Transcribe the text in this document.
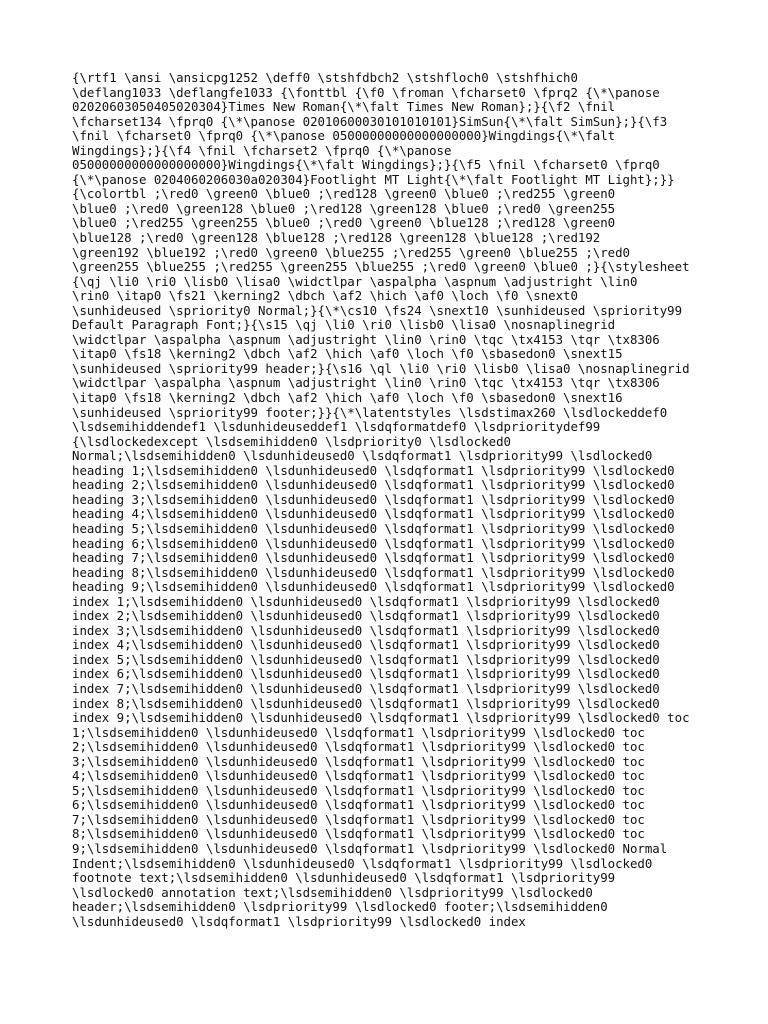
{\rtf1 \ansi \ansicpg1252 \deff0 \stshfdbch2 \stshfloch0 \stshfhich0
\deflang1033 \deflangfe1033 {\fonttbl {\f0 \froman \fcharset0 \fprq2 {\*\panose
02020603050405020304}Times New Roman{\*\falt Times New Roman};}{\f2 \fnil
\fcharset134 \fprq0 {\*\panose 02010600030101010101}SimSun{\*\falt SimSun};}{\f3
\fnil \fcharset0 \fprq0 {\*\panose 05000000000000000000}Wingdings{\*\falt
Wingdings};}{\f4 \fnil \fcharset2 \fprq0 {\*\panose
05000000000000000000}Wingdings{\*\falt Wingdings};}{\f5 \fnil \fcharset0 \fprq0
{\*\panose 0204060206030a020304}Footlight MT Light{\*\falt Footlight MT Light};}}
{\colortbl ;\red0 \green0 \blue0 ;\red128 \green0 \blue0 ;\red255 \green0
\blue0 ;\red0 \green128 \blue0 ;\red128 \green128 \blue0 ;\red0 \green255
\blue0 ;\red255 \green255 \blue0 ;\red0 \green0 \blue128 ;\red128 \green0
\blue128 ;\red0 \green128 \blue128 ;\red128 \green128 \blue128 ;\red192
\green192 \blue192 ;\red0 \green0 \blue255 ;\red255 \green0 \blue255 ;\red0
\green255 \blue255 ;\red255 \green255 \blue255 ;\red0 \green0 \blue0 ;}{\stylesheet
{\qj \li0 \ri0 \lisb0 \lisa0 \widctlpar \aspalpha \aspnum \adjustright \lin0
\rin0 \itap0 \fs21 \kerning2 \dbch \af2 \hich \af0 \loch \f0 \snext0
\sunhideused \spriority0 Normal;}{\*\cs10 \fs24 \snext10 \sunhideused \spriority99
Default Paragraph Font;}{\s15 \qj \li0 \ri0 \lisb0 \lisa0 \nosnaplinegrid
\widctlpar \aspalpha \aspnum \adjustright \lin0 \rin0 \tqc \tx4153 \tqr \tx8306
\itap0 \fs18 \kerning2 \dbch \af2 \hich \af0 \loch \f0 \sbasedon0 \snext15
\sunhideused \spriority99 header;}{\s16 \ql \li0 \ri0 \lisb0 \lisa0 \nosnaplinegrid
\widctlpar \aspalpha \aspnum \adjustright \lin0 \rin0 \tqc \tx4153 \tqr \tx8306
\itap0 \fs18 \kerning2 \dbch \af2 \hich \af0 \loch \f0 \sbasedon0 \snext16
\sunhideused \spriority99 footer;}}{\*\latentstyles \lsdstimax260 \lsdlockeddef0
\lsdsemihiddendef1 \lsdunhideuseddef1 \lsdqformatdef0 \lsdprioritydef99
{\lsdlockedexcept \lsdsemihidden0 \lsdpriority0 \lsdlocked0
Normal;\lsdsemihidden0 \lsdunhideused0 \lsdqformat1 \lsdpriority99 \lsdlocked0
heading 1;\lsdsemihidden0 \lsdunhideused0 \lsdqformat1 \lsdpriority99 \lsdlocked0
heading 2;\lsdsemihidden0 \lsdunhideused0 \lsdqformat1 \lsdpriority99 \lsdlocked0
heading 3;\lsdsemihidden0 \lsdunhideused0 \lsdqformat1 \lsdpriority99 \lsdlocked0
heading 4;\lsdsemihidden0 \lsdunhideused0 \lsdqformat1 \lsdpriority99 \lsdlocked0
heading 5;\lsdsemihidden0 \lsdunhideused0 \lsdqformat1 \lsdpriority99 \lsdlocked0
heading 6;\lsdsemihidden0 \lsdunhideused0 \lsdqformat1 \lsdpriority99 \lsdlocked0
heading 7;\lsdsemihidden0 \lsdunhideused0 \lsdqformat1 \lsdpriority99 \lsdlocked0
heading 8;\lsdsemihidden0 \lsdunhideused0 \lsdqformat1 \lsdpriority99 \lsdlocked0
heading 9;\lsdsemihidden0 \lsdunhideused0 \lsdqformat1 \lsdpriority99 \lsdlocked0
index 1;\lsdsemihidden0 \lsdunhideused0 \lsdqformat1 \lsdpriority99 \lsdlocked0
index 2;\lsdsemihidden0 \lsdunhideused0 \lsdqformat1 \lsdpriority99 \lsdlocked0
index 3;\lsdsemihidden0 \lsdunhideused0 \lsdqformat1 \lsdpriority99 \lsdlocked0
index 4;\lsdsemihidden0 \lsdunhideused0 \lsdqformat1 \lsdpriority99 \lsdlocked0
index 5;\lsdsemihidden0 \lsdunhideused0 \lsdqformat1 \lsdpriority99 \lsdlocked0
index 6;\lsdsemihidden0 \lsdunhideused0 \lsdqformat1 \lsdpriority99 \lsdlocked0
index 7;\lsdsemihidden0 \lsdunhideused0 \lsdqformat1 \lsdpriority99 \lsdlocked0
index 8;\lsdsemihidden0 \lsdunhideused0 \lsdqformat1 \lsdpriority99 \lsdlocked0
index 9;\lsdsemihidden0 \lsdunhideused0 \lsdqformat1 \lsdpriority99 \lsdlocked0 toc
1;\lsdsemihidden0 \lsdunhideused0 \lsdqformat1 \lsdpriority99 \lsdlocked0 toc
2;\lsdsemihidden0 \lsdunhideused0 \lsdqformat1 \lsdpriority99 \lsdlocked0 toc
3;\lsdsemihidden0 \lsdunhideused0 \lsdqformat1 \lsdpriority99 \lsdlocked0 toc
4;\lsdsemihidden0 \lsdunhideused0 \lsdqformat1 \lsdpriority99 \lsdlocked0 toc
5;\lsdsemihidden0 \lsdunhideused0 \lsdqformat1 \lsdpriority99 \lsdlocked0 toc
6;\lsdsemihidden0 \lsdunhideused0 \lsdqformat1 \lsdpriority99 \lsdlocked0 toc
7;\lsdsemihidden0 \lsdunhideused0 \lsdqformat1 \lsdpriority99 \lsdlocked0 toc
8;\lsdsemihidden0 \lsdunhideused0 \lsdqformat1 \lsdpriority99 \lsdlocked0 toc
9;\lsdsemihidden0 \lsdunhideused0 \lsdqformat1 \lsdpriority99 \lsdlocked0 Normal
Indent;\lsdsemihidden0 \lsdunhideused0 \lsdqformat1 \lsdpriority99 \lsdlocked0
footnote text;\lsdsemihidden0 \lsdunhideused0 \lsdqformat1 \lsdpriority99
\lsdlocked0 annotation text;\lsdsemihidden0 \lsdpriority99 \lsdlocked0
header;\lsdsemihidden0 \lsdpriority99 \lsdlocked0 footer;\lsdsemihidden0
\lsdunhideused0 \lsdqformat1 \lsdpriority99 \lsdlocked0 index
